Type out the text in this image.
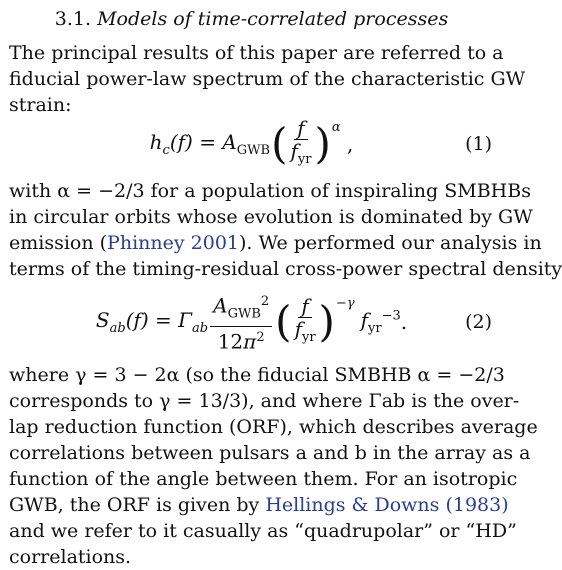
3.1. Models of time-correlated processes
The principal results of this paper are referred to a
fiducial power-law spectrum of the characteristic GW
strain:
$h_c(f) = A_{GWB}$ ( $\frac{f}{f_{yr}} )^\alpha$
,	(1)
with α = −2/3 for a population of inspiraling SMBHBs
in circular orbits whose evolution is dominated by GW
emission (Phinney 2001). We performed our analysis in
terms of the timing-residual cross-power spectral density
$S_{ab}(f) = \Gamma_{ab} \frac{A_{GWB}^2}{12\pi^2}$ ( $\frac{f}{f_{yr}} )^{-\gamma}$
$f_{yr}^{-3}$ .	(2)
where γ = 3 − 2α (so the fiducial SMBHB α = −2/3
corresponds to γ = 13/3), and where Γab is the over-
lap reduction function (ORF), which describes average
correlations between pulsars a and b in the array as a
function of the angle between them. For an isotropic
GWB, the ORF is given by Hellings & Downs (1983)
and we refer to it casually as “quadrupolar” or “HD”
correlations.
